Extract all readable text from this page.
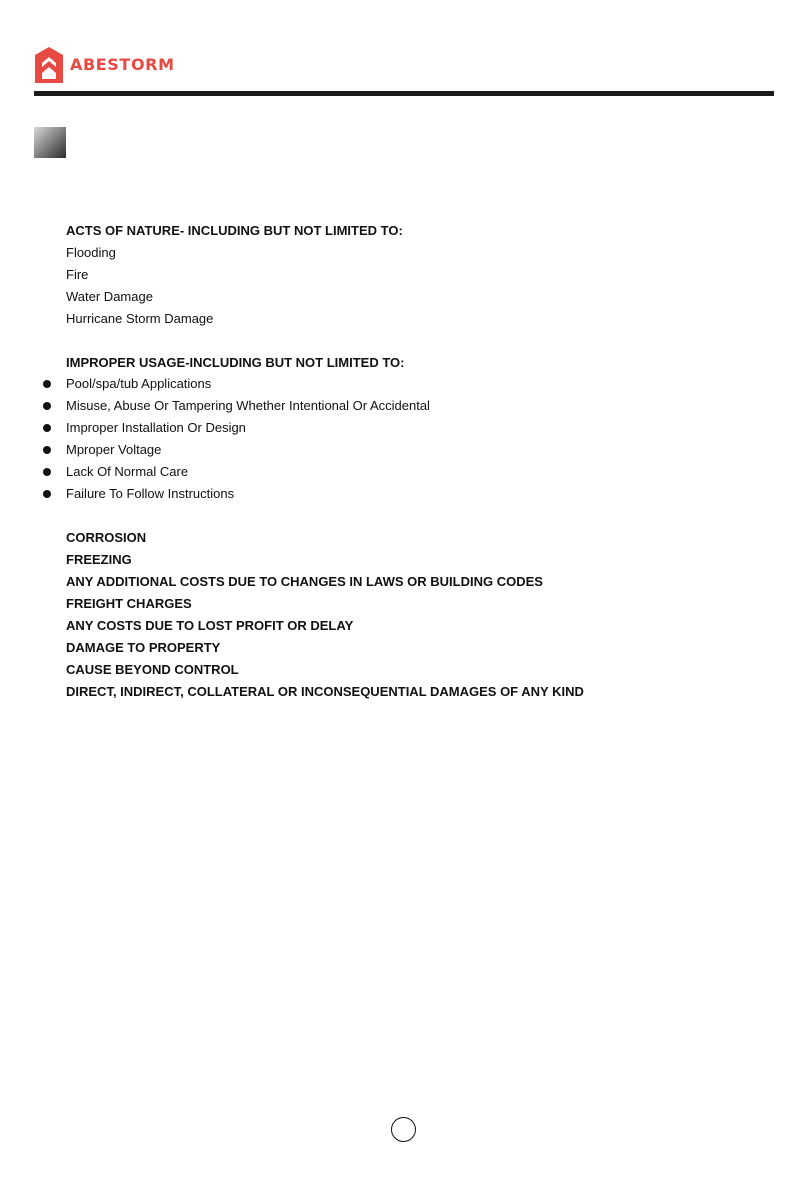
ABESTORM
ACTS OF NATURE- INCLUDING BUT NOT LIMITED TO:
Flooding
Fire
Water Damage
Hurricane Storm Damage
IMPROPER USAGE-INCLUDING BUT NOT LIMITED TO:
Pool/spa/tub Applications
Misuse, Abuse Or Tampering Whether Intentional Or Accidental
Improper Installation Or Design
Mproper Voltage
Lack Of Normal Care
Failure To Follow Instructions
CORROSION
FREEZING
ANY ADDITIONAL COSTS DUE TO CHANGES IN LAWS OR BUILDING CODES
FREIGHT CHARGES
ANY COSTS DUE TO LOST PROFIT OR DELAY
DAMAGE TO PROPERTY
CAUSE BEYOND CONTROL
DIRECT, INDIRECT, COLLATERAL OR INCONSEQUENTIAL DAMAGES OF ANY KIND
